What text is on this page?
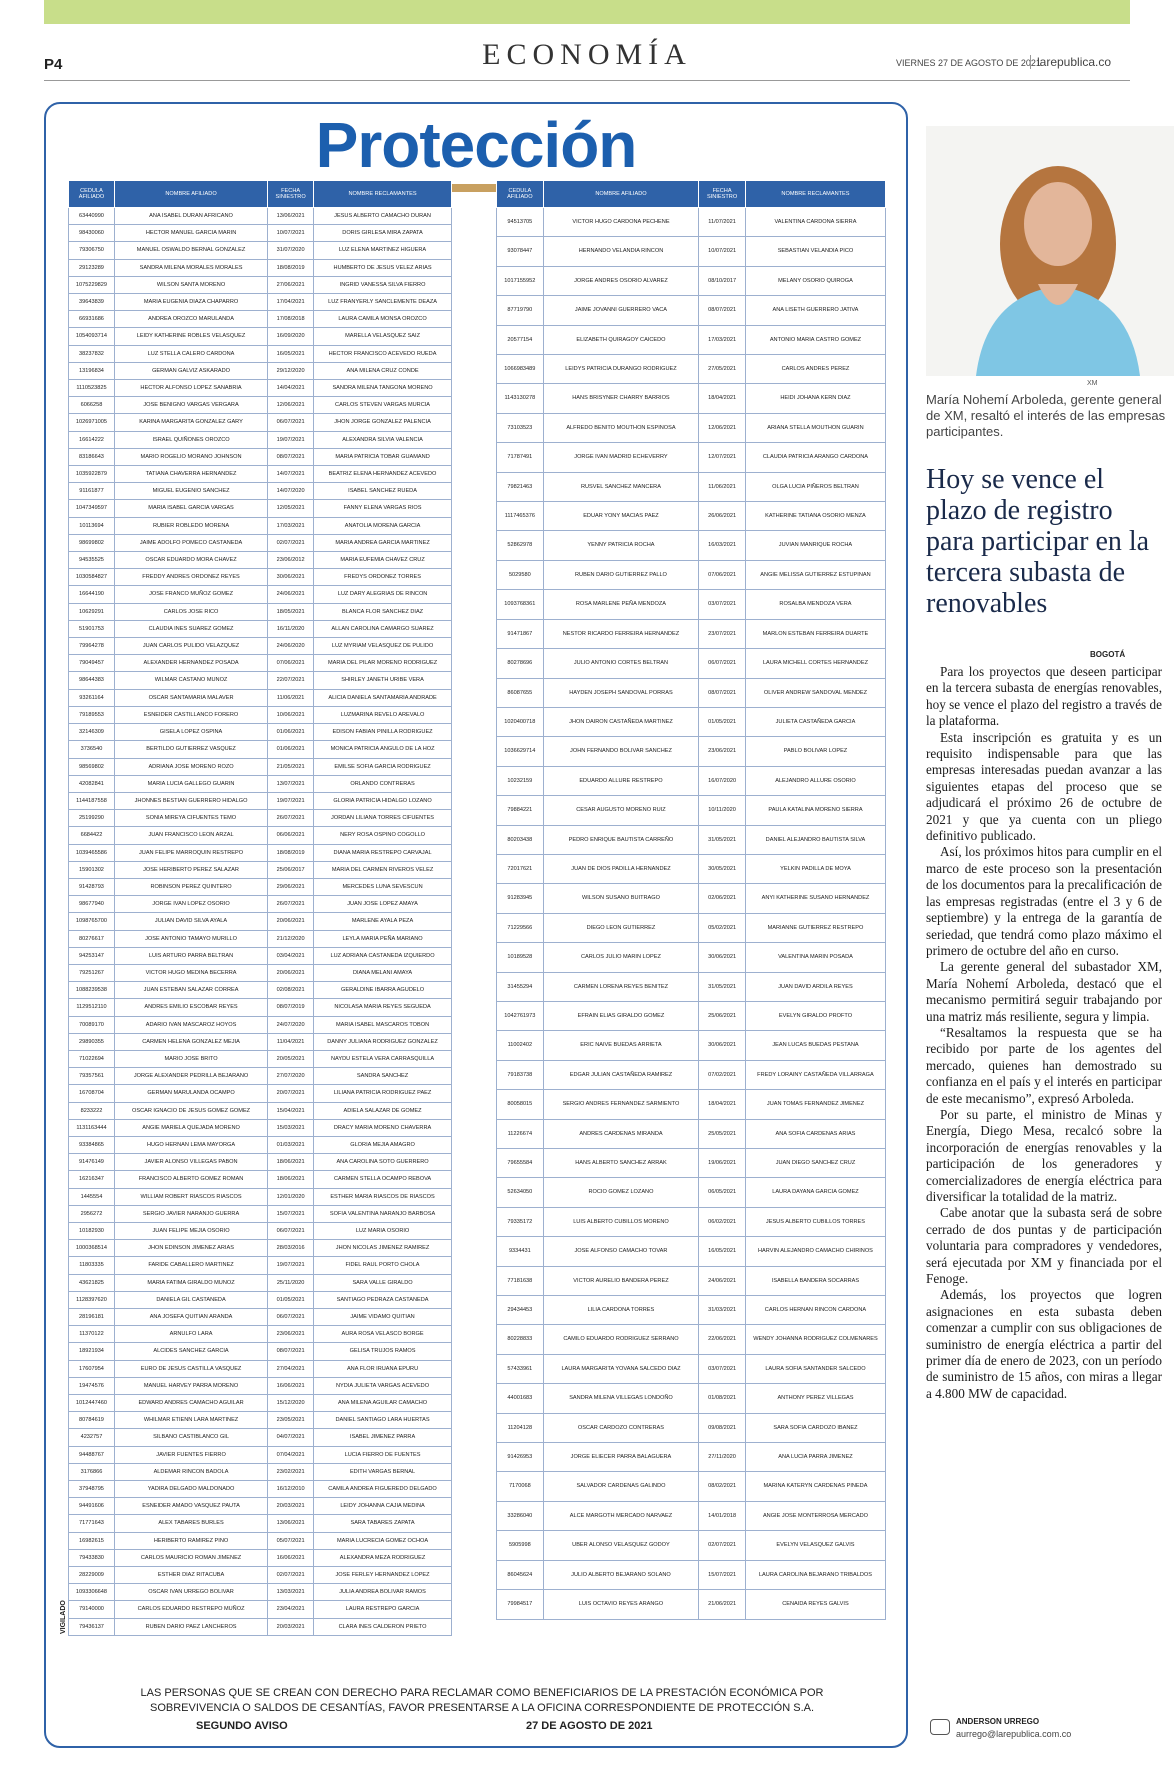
P4	ECONOMÍA	VIERNES 27 DE AGOSTO DE 2021
larepublica.co
Protección
CEDULA AFILIADO	NOMBRE AFILIADO	FECHA SINIESTRO	NOMBRE RECLAMANTES
63440990	ANA ISABEL DURAN AFRICANO	13/06/2021	JESUS ALBERTO CAMACHO DURAN
98430060	HECTOR MANUEL GARCIA MARIN	10/07/2021	DORIS GIRLESA MIRA ZAPATA
79306750	MANUEL OSWALDO BERNAL GONZALEZ	31/07/2020	LUZ ELENA MARTINEZ HIGUERA
29123289	SANDRA MILENA MORALES MORALES	18/08/2019	HUMBERTO DE JESUS VELEZ ARIAS
1075229829	WILSON SANTA MORENO	27/06/2021	INGRID VANESSA SILVA FIERRO
39643839	MARIA EUGENIA DIAZA CHAPARRO	17/04/2021	LUZ FRANYERLY SANCLEMENTE DEAZA
66931686	ANDREA OROZCO MARULANDA	17/08/2018	LAURA CAMILA MONSA OROZCO
1054093714	LEIDY KATHERINE ROBLES VELASQUEZ	16/09/2020	MARELLA VELASQUEZ SAIZ
38237832	LUZ STELLA CALERO CARDONA	16/05/2021	HECTOR FRANCISCO ACEVEDO RUEDA
13196834	GERMAN GALVIZ ASKARADO	29/12/2020	ANA MILENA CRUZ CONDE
1110523825	HECTOR ALFONSO LOPEZ SANABRIA	14/04/2021	SANDRA MILENA TANGONA MORENO
6066258	JOSE BENIGNO VARGAS VERGARA	12/06/2021	CARLOS STEVEN VARGAS MURCIA
1026971005	KARINA MARGARITA GONZALEZ GARY	06/07/2021	JHON JORGE GONZALEZ PALENCIA
16614222	ISRAEL QUIÑONES OROZCO	19/07/2021	ALEXANDRA SILVIA VALENCIA
83186643	MARIO ROGELIO MORANO JOHNSON	08/07/2021	MARIA PATRICIA TOBAR GUAMAND
1035922879	TATIANA CHAVERRA HERNANDEZ	14/07/2021	BEATRIZ ELENA HERNANDEZ ACEVEDO
91161877	MIGUEL EUGENIO SANCHEZ	14/07/2020	ISABEL SANCHEZ RUEDA
1047349597	MARIA ISABEL GARCIA VARGAS	12/05/2021	FANNY ELENA VARGAS RIOS
10113694	RUBIER ROBLEDO MORENA	17/03/2021	ANATOLIA MORENA GARCIA
98699802	JAIME ADOLFO POMECO CASTANEDA	02/07/2021	MARIA ANDREA GARCIA MARTINEZ
94535525	OSCAR EDUARDO MORA CHAVEZ	23/06/2012	MARIA EUFEMIA CHAVEZ CRUZ
1030584827	FREDDY ANDRES ORDONEZ REYES	30/06/2021	FREDYS ORDONEZ TORRES
16644190	JOSE FRANCO MUÑOZ GOMEZ	24/06/2021	LUZ DARY ALEGRIAS DE RINCON
10629291	CARLOS JOSE RICO	18/05/2021	BLANCA FLOR SANCHEZ DIAZ
51901753	CLAUDIA INES SUAREZ GOMEZ	16/11/2020	ALLAN CAROLINA CAMARGO SUAREZ
79964278	JUAN CARLOS PULIDO VELAZQUEZ	24/06/2020	LUZ MYRIAM VELASQUEZ DE PULIDO
79049457	ALEXANDER HERNANDEZ POSADA	07/06/2021	MARIA DEL PILAR MORENO RODRIGUEZ
98644383	WILMAR CASTANO MUNOZ	22/07/2021	SHIRLEY JANETH URIBE VERA
93261164	OSCAR SANTAMARIA MALAVER	11/06/2021	ALICIA DANIELA SANTAMARIA ANDRADE
79189553	ESNEIDER CASTILLANCO FORERO	10/06/2021	LUZMARINA REVELO AREVALO
32146309	GISELA LOPEZ OSPINA	01/06/2021	EDISON FABIAN PINILLA RODRIGUEZ
3736540	BERTILDO GUTIERREZ VASQUEZ	01/06/2021	MONICA PATRICIA ANGULO DE LA HOZ
98569802	ADRIANA JOSE MORENO ROZO	21/05/2021	EMILSE SOFIA GARCIA RODRIGUEZ
42082841	MARIA LUCIA GALLEGO GUARIN	13/07/2021	ORLANDO CONTRERAS
1144187558	JHONNES BESTIAN GUERRERO HIDALGO	19/07/2021	GLORIA PATRICIA HIDALGO LOZANO
25199290	SONIA MIREYA CIFUENTES TEMO	26/07/2021	JORDAN LILIANA TORRES CIFUENTES
6684422	JUAN FRANCISCO LEON ARZAL	06/06/2021	NERY ROSA OSPINO COGOLLO
1039465586	JUAN FELIPE MARROQUIN RESTREPO	18/08/2019	DIANA MARIA RESTREPO CARVAJAL
15901302	JOSE HERIBERTO PEREZ SALAZAR	25/06/2017	MARIA DEL CARMEN RIVEROS VELEZ
91428793	ROBINSON PEREZ QUINTERO	29/06/2021	MERCEDES LUNA SEVESCUN
98677940	JORGE IVAN LOPEZ OSORIO	26/07/2021	JUAN JOSE LOPEZ AMAYA
1098765700	JULIAN DAVID SILVA AYALA	20/06/2021	MARLENE AYALA PEZA
80276617	JOSE ANTONIO TAMAYO MURILLO	21/12/2020	LEYLA MARIA PEÑA MARIANO
94253147	LUIS ARTURO PARRA BELTRAN	03/04/2021	LUZ ADRIANA CASTANEDA IZQUIERDO
79251267	VICTOR HUGO MEDINA BECERRA	20/06/2021	DIANA MELANI AMAYA
1088239538	JUAN ESTEBAN SALAZAR CORREA	02/08/2021	GERALDINE IBARRA AGUDELO
1129512110	ANDRES EMILIO ESCOBAR REYES	08/07/2019	NICOLASA MARIA REYES SEGUEDA
70089170	ADARIO IVAN MASCAROZ HOYOS	24/07/2020	MARIA ISABEL MASCAROS TOBON
29890355	CARMEN HELENA GONZALEZ MEJIA	11/04/2021	DANNY JULIANA RODRIGUEZ GONZALEZ
71022694	MARIO JOSE BRITO	20/05/2021	NAYDU ESTELA VERA CARRASQUILLA
79357561	JORGE ALEXANDER PEDRILLA BEJARANO	27/07/2020	SANDRA SANCHEZ
16708704	GERMAN MARULANDA OCAMPO	20/07/2021	LILIANA PATRICIA RODRIGUEZ PAEZ
8233222	OSCAR IGNACIO DE JESUS GOMEZ GOMEZ	15/04/2021	ADIELA SALAZAR DE GOMEZ
1131163444	ANGIE MARIELA QUEJADA MORENO	15/03/2021	DRACY MARIA MORENO CHAVERRA
93384865	HUGO HERNAN LEMA MAYORGA	01/03/2021	GLORIA MEJIA AMAGRO
91476149	JAVIER ALONSO VILLEGAS PABON	18/06/2021	ANA CAROLINA SOTO GUERRERO
16216347	FRANCISCO ALBERTO GOMEZ ROMAN	18/06/2021	CARMEN STELLA OCAMPO REBOVA
1445554	WILLIAM ROBERT RIASCOS RIASCOS	12/01/2020	ESTHER MARIA RIASCOS DE RIASCOS
2956272	SERGIO JAVIER NARANJO GUERRA	15/07/2021	SOFIA VALENTINA NARANJO BARBOSA
10182930	JUAN FELIPE MEJIA OSORIO	06/07/2021	LUZ MARIA OSORIO
1000368514	JHON EDINSON JIMENEZ ARIAS	28/03/2016	JHON NICOLAS JIMENEZ RAMIREZ
11803335	FARIDE CABALLERO MARTINEZ	19/07/2021	FIDEL RAUL PORTO CHOLA
43621825	MARIA FATIMA GIRALDO MUNOZ	25/11/2020	SARA VALLE GIRALDO
1128397620	DANIELA GIL CASTANEDA	01/05/2021	SANTIAGO PEDRAZA CASTANEDA
28196181	ANA JOSEFA QUITIAN ARANDA	06/07/2021	JAIME VIDAMO QUITIAN
11370122	ARNULFO LARA	23/06/2021	AURA ROSA VELASCO BORGE
18921934	ALCIDES SANCHEZ GARCIA	08/07/2021	GELISA TRUJOS RAMOS
17607954	EURO DE JESUS CASTILLA VASQUEZ	27/04/2021	ANA FLOR IRUANA EPURU
19474576	MANUEL HARVEY PARRA MORENO	16/06/2021	NYDIA JULIETA VARGAS ACEVEDO
1012447460	EDWARD ANDRES CAMACHO AGUILAR	15/12/2020	ANA MILENA AGUILAR CAMACHO
80784619	WHILMAR ETIENN LARA MARTINEZ	23/05/2021	DANIEL SANTIAGO LARA HUERTAS
4232757	SILBANO CASTIBLANCO GIL	04/07/2021	ISABEL JIMENEZ PARRA
94488767	JAVIER FUENTES FIERRO	07/04/2021	LUCIA FIERRO DE FUENTES
3176866	ALDEMAR RINCON BADOLA	23/02/2021	EDITH VARGAS BERNAL
37948795	YADIRA DELGADO MALDONADO	16/12/2010	CAMILA ANDREA FIGUEREDO DELGADO
94491606	ESNEIDER AMADO VASQUEZ PAUTA	20/03/2021	LEIDY JOHANNA CAJIA MEDINA
71771643	ALEX TABARES BURLES	13/06/2021	SARA TABARES ZAPATA
16982615	HERIBERTO RAMIREZ PINO	05/07/2021	MARIA LUCRECIA GOMEZ OCHOA
79433830	CARLOS MAURICIO ROMAN JIMENEZ	16/06/2021	ALEXANDRA MEZA RODRIGUEZ
28229009	ESTHER DIAZ RITACUBA	02/07/2021	JOSE FERLEY HERNANDEZ LOPEZ
1093306648	OSCAR IVAN URREGO BOLIVAR	13/03/2021	JULIA ANDREA BOLIVAR RAMOS
79140000	CARLOS EDUARDO RESTREPO MUÑOZ	23/04/2021	LAURA RESTREPO GARCIA
79436137	RUBEN DARIO PAEZ LANCHEROS	20/03/2021	CLARA INES CALDERON PRIETO
CEDULA AFILIADO	NOMBRE AFILIADO	FECHA SINIESTRO	NOMBRE RECLAMANTES
94513705	VICTOR HUGO CARDONA PECHENE	11/07/2021	VALENTINA CARDONA SIERRA
93078447	HERNANDO VELANDIA RINCON	10/07/2021	SEBASTIAN VELANDIA PICO
1017155952	JORGE ANDRES OSORIO ALVAREZ	08/10/2017	MELANY OSORIO QUIROGA
87719790	JAIME JOVANNI GUERRERO VACA	08/07/2021	ANA LISETH GUERRERO JATIVA
20577154	ELIZABETH QUIRAGOY CAICEDO	17/03/2021	ANTONIO MARIA CASTRO GOMEZ
1066983489	LEIDYS PATRICIA DURANGO RODRIGUEZ	27/05/2021	CARLOS ANDRES PEREZ
1143130278	HANS BRISYNER CHARRY BARRIOS	18/04/2021	HEIDI JOHANA KERN DIAZ
73103523	ALFREDO BENITO MOUTHON ESPINOSA	12/06/2021	ARIANA STELLA MOUTHON GUARIN
71787491	JORGE IVAN MADRID ECHEVERRY	12/07/2021	CLAUDIA PATRICIA ARANGO CARDONA
79821463	RUSVEL SANCHEZ MANCERA	11/06/2021	OLGA LUCIA PIÑEROS BELTRAN
1117465376	EDUAR YONY MACIAS PAEZ	26/06/2021	KATHERINE TATIANA OSORIO MENZA
52862978	YENNY PATRICIA ROCHA	16/03/2021	JUVIAN MANRIQUE ROCHA
5029580	RUBEN DARIO GUTIERREZ PALLO	07/06/2021	ANGIE MELISSA GUTIERREZ ESTUPINAN
1093768361	ROSA MARLENE PEÑA MENDOZA	03/07/2021	ROSALBA MENDOZA VERA
91471867	NESTOR RICARDO FERREIRA HERNANDEZ	23/07/2021	MARLON ESTEBAN FERREIRA DUARTE
80278696	JULIO ANTONIO CORTES BELTRAN	06/07/2021	LAURA MICHELL CORTES HERNANDEZ
86087655	HAYDEN JOSEPH SANDOVAL PORRAS	08/07/2021	OLIVER ANDREW SANDOVAL MENDEZ
1020400718	JHON DAIRON CASTAÑEDA MARTINEZ	01/05/2021	JULIETA CASTAÑEDA GARCIA
1036629714	JOHN FERNANDO BOLIVAR SANCHEZ	23/06/2021	PABLO BOLIVAR LOPEZ
10232159	EDUARDO ALLURE RESTREPO	16/07/2020	ALEJANDRO ALLURE OSORIO
79884221	CESAR AUGUSTO MORENO RUIZ	10/11/2020	PAULA KATALINA MORENO SIERRA
80203438	PEDRO ENRIQUE BAUTISTA CARREÑO	31/05/2021	DANIEL ALEJANDRO BAUTISTA SILVA
72017621	JUAN DE DIOS PADILLA HERNANDEZ	30/05/2021	YELKIN PADILLA DE MOYA
91283945	WILSON SUSANO BUITRAGO	02/06/2021	ANYI KATHERINE SUSANO HERNANDEZ
71229566	DIEGO LEON GUTIERREZ	05/02/2021	MARIANNE GUTIERREZ RESTREPO
10189528	CARLOS JULIO MARIN LOPEZ	30/06/2021	VALENTINA MARIN POSADA
31455294	CARMEN LORENA REYES BENITEZ	31/05/2021	JUAN DAVID ARDILA REYES
1042761973	EFRAIN ELIAS GIRALDO GOMEZ	25/06/2021	EVELYN GIRALDO PROFTO
11002402	ERIC NAIVE BUEDAS ARRIETA	30/06/2021	JEAN LUCAS BUEDAS PESTANA
79183738	EDGAR JULIAN CASTAÑEDA RAMIREZ	07/02/2021	FREDY LORAINY CASTAÑEDA VILLARRAGA
80058015	SERGIO ANDRES FERNANDEZ SARMIENTO	18/04/2021	JUAN TOMAS FERNANDEZ JIMENEZ
11226674	ANDRES CARDENAS MIRANDA	25/05/2021	ANA SOFIA CARDENAS ARIAS
79655584	HANS ALBERTO SANCHEZ ARRAK	19/06/2021	JUAN DIEGO SANCHEZ CRUZ
52634050	ROCIO GOMEZ LOZANO	06/05/2021	LAURA DAYANA GARCIA GOMEZ
79335172	LUIS ALBERTO CUBILLOS MORENO	06/02/2021	JESUS ALBERTO CUBILLOS TORRES
9334431	JOSE ALFONSO CAMACHO TOVAR	16/05/2021	HARVIN ALEJANDRO CAMACHO CHIRINOS
77181638	VICTOR AURELIO BANDERA PEREZ	24/06/2021	ISABELLA BANDERA SOCARRAS
29434453	LILIA CARDONA TORRES	31/03/2021	CARLOS HERNAN RINCON CARDONA
80228833	CAMILO EDUARDO RODRIGUEZ SERRANO	22/06/2021	WENDY JOHANNA RODRIGUEZ COLMENARES
57433961	LAURA MARGARITA YOVANA SALCEDO DIAZ	03/07/2021	LAURA SOFIA SANTANDER SALCEDO
44001683	SANDRA MILENA VILLEGAS LONDOÑO	01/08/2021	ANTHONY PEREZ VILLEGAS
11204128	OSCAR CARDOZO CONTRERAS	09/08/2021	SARA SOFIA CARDOZO IBANEZ
91426953	JORGE ELIECER PARRA BALAGUERA	27/11/2020	ANA LUCIA PARRA JIMENEZ
7170068	SALVADOR CARDENAS GALINDO	08/02/2021	MARINA KATERYN CARDENAS PINEDA
33286040	ALCE MARGOTH MERCADO NARVAEZ	14/01/2018	ANGIE JOSE MONTERROSA MERCADO
5905998	UBER ALONSO VELASQUEZ GODOY	02/07/2021	EVELYN VELASQUEZ GALVIS
86045624	JULIO ALBERTO BEJARANO SOLANO	15/07/2021	LAURA CAROLINA BEJARANO TRIBALDOS
79984517	LUIS OCTAVIO REYES ARANGO	21/06/2021	CENAIDA REYES GALVIS
VIGILADO
LAS PERSONAS QUE SE CREAN CON DERECHO PARA RECLAMAR COMO BENEFICIARIOS DE LA PRESTACIÓN ECONÓMICA POR SOBREVIVENCIA O SALDOS DE CESANTÍAS, FAVOR PRESENTARSE A LA OFICINA CORRESPONDIENTE DE PROTECCIÓN S.A.
SEGUNDO AVISO	27 DE AGOSTO DE 2021
XM
María Nohemí Arboleda, gerente general de XM, resaltó el interés de las empresas participantes.
Hoy se vence el plazo de registro para participar en la tercera subasta de renovables
BOGOTÁ

Para los proyectos que deseen participar en la tercera subasta de energías renovables, hoy se vence el plazo del registro a través de la plataforma.

Esta inscripción es gratuita y es un requisito indispensable para que las empresas interesadas puedan avanzar a las siguientes etapas del proceso que se adjudicará el próximo 26 de octubre de 2021 y que ya cuenta con un pliego definitivo publicado.

Así, los próximos hitos para cumplir en el marco de este proceso son la presentación de los documentos para la precalificación de las empresas registradas (entre el 3 y 6 de septiembre) y la entrega de la garantía de seriedad, que tendrá como plazo máximo el primero de octubre del año en curso.

La gerente general del subastador XM, María Nohemí Arboleda, destacó que el mecanismo permitirá seguir trabajando por una matriz más resiliente, segura y limpia.

“Resaltamos la respuesta que se ha recibido por parte de los agentes del mercado, quienes han demostrado su confianza en el país y el interés en participar de este mecanismo”, expresó Arboleda.

Por su parte, el ministro de Minas y Energía, Diego Mesa, recalcó sobre la incorporación de energías renovables y la participación de los generadores y comercializadores de energía eléctrica para diversificar la totalidad de la matriz.

Cabe anotar que la subasta será de sobre cerrado de dos puntas y de participación voluntaria para compradores y vendedores, será ejecutada por XM y financiada por el Fenoge.

Además, los proyectos que logren asignaciones en esta subasta deben comenzar a cumplir con sus obligaciones de suministro de energía eléctrica a partir del primer día de enero de 2023, con un período de suministro de 15 años, con miras a llegar a 4.800 MW de capacidad.

ANDERSON URREGO
aurrego@larepublica.com.co
